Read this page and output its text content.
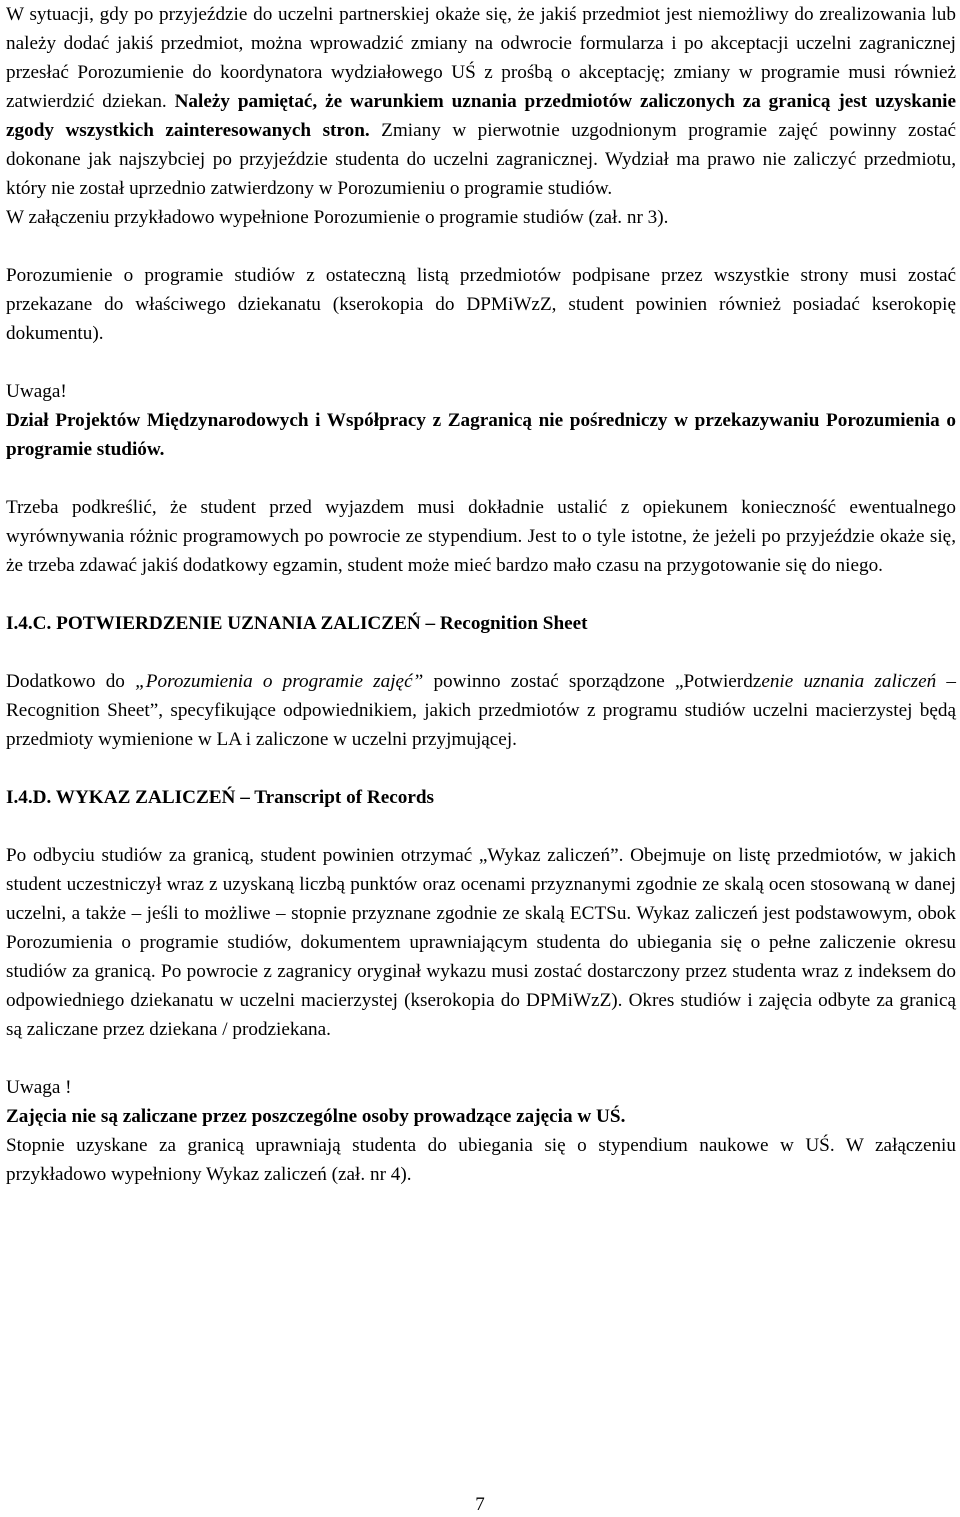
W sytuacji, gdy po przyjeździe do uczelni partnerskiej okaże się, że jakiś przedmiot jest niemożliwy do zrealizowania lub należy dodać jakiś przedmiot, można wprowadzić zmiany na odwrocie formularza i po akceptacji uczelni zagranicznej przesłać Porozumienie do koordynatora wydziałowego UŚ z prośbą o akceptację; zmiany w programie musi również zatwierdzić dziekan. Należy pamiętać, że warunkiem uznania przedmiotów zaliczonych za granicą jest uzyskanie zgody wszystkich zainteresowanych stron. Zmiany w pierwotnie uzgodnionym programie zajęć powinny zostać dokonane jak najszybciej po przyjeździe studenta do uczelni zagranicznej. Wydział ma prawo nie zaliczyć przedmiotu, który nie został uprzednio zatwierdzony w Porozumieniu o programie studiów.

W załączeniu przykładowo wypełnione Porozumienie o programie studiów (zał. nr 3).

Porozumienie o programie studiów z ostateczną listą przedmiotów podpisane przez wszystkie strony musi zostać przekazane do właściwego dziekanatu (kserokopia do DPMiWzZ, student powinien również posiadać kserokopię dokumentu).

Uwaga!

Dział Projektów Międzynarodowych i Współpracy z Zagranicą nie pośredniczy w przekazywaniu Porozumienia o programie studiów.

Trzeba podkreślić, że student przed wyjazdem musi dokładnie ustalić z opiekunem konieczność ewentualnego wyrównywania różnic programowych po powrocie ze stypendium. Jest to o tyle istotne, że jeżeli po przyjeździe okaże się, że trzeba zdawać jakiś dodatkowy egzamin, student może mieć bardzo mało czasu na przygotowanie się do niego.

I.4.C. POTWIERDZENIE UZNANIA ZALICZEŃ – Recognition Sheet

Dodatkowo do „Porozumienia o programie zajęć” powinno zostać sporządzone „Potwierdzenie uznania zaliczeń – Recognition Sheet”, specyfikujące odpowiednikiem, jakich przedmiotów z programu studiów uczelni macierzystej będą przedmioty wymienione w LA i zaliczone w uczelni przyjmującej.

I.4.D. WYKAZ ZALICZEŃ – Transcript of Records

Po odbyciu studiów za granicą, student powinien otrzymać „Wykaz zaliczeń”. Obejmuje on listę przedmiotów, w jakich student uczestniczył wraz z uzyskaną liczbą punktów oraz ocenami przyznanymi zgodnie ze skalą ocen stosowaną w danej uczelni, a także – jeśli to możliwe – stopnie przyznane zgodnie ze skalą ECTSu. Wykaz zaliczeń jest podstawowym, obok Porozumienia o programie studiów, dokumentem uprawniającym studenta do ubiegania się o pełne zaliczenie okresu studiów za granicą. Po powrocie z zagranicy oryginał wykazu musi zostać dostarczony przez studenta wraz z indeksem do odpowiedniego dziekanatu w uczelni macierzystej (kserokopia do DPMiWzZ). Okres studiów i zajęcia odbyte za granicą są zaliczane przez dziekana / prodziekana.

Uwaga !

Zajęcia nie są zaliczane przez poszczególne osoby prowadzące zajęcia w UŚ.

Stopnie uzyskane za granicą uprawniają studenta do ubiegania się o stypendium naukowe w UŚ. W załączeniu przykładowo wypełniony Wykaz zaliczeń (zał. nr 4).

7
